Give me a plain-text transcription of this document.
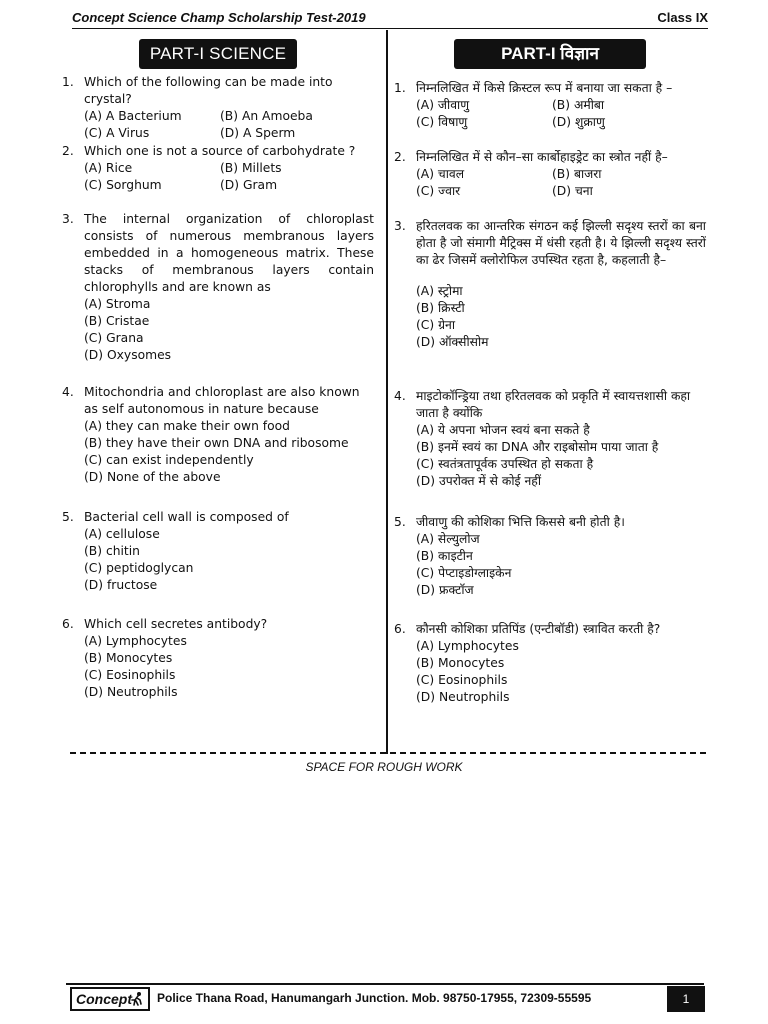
Concept Science Champ Scholarship Test-2019	Class IX
PART-I SCIENCE	PART-I विज्ञान
1. Which of the following can be made into crystal?
(A) A Bacterium	(B) An Amoeba
(C) A Virus	(D) A Sperm
2. Which one is not a source of carbohydrate ?
(A) Rice	(B) Millets
(C) Sorghum	(D) Gram
3. The internal organization of chloroplast consists of numerous membranous layers embedded in a homogeneous matrix. These stacks of membranous layers contain chlorophylls and are known as
(A) Stroma
(B) Cristae
(C) Grana
(D) Oxysomes
4. Mitochondria and chloroplast are also known as self autonomous in nature because
(A) they can make their own food
(B) they have their own DNA and ribosome
(C) can exist independently
(D) None of the above
5. Bacterial cell wall is composed of
(A) cellulose
(B) chitin
(C) peptidoglycan
(D) fructose
6. Which cell secretes antibody?
(A) Lymphocytes
(B) Monocytes
(C) Eosinophils
(D) Neutrophils
1. निम्नलिखित में किसे क्रिस्टल रूप में बनाया जा सकता है –
(A) जीवाणु	(B) अमीबा
(C) विषाणु	(D) शुक्राणु
2. निम्नलिखित में से कौन–सा कार्बोहाइड्रेट का स्त्रोत नहीं है–
(A) चावल	(B) बाजरा
(C) ज्वार	(D) चना
3. हरितलवक का आन्तरिक संगठन कई झिल्ली सदृश्य स्तरों का बना होता है जो संमागी मैट्रिक्स में धंसी रहती है। ये झिल्ली सदृश्य स्तरों का ढेर जिसमें क्लोरोफिल उपस्थित रहता है, कहलाती है–
(A) स्ट्रोमा
(B) क्रिस्टी
(C) ग्रेना
(D) ऑक्सीसोम
4. माइटोकॉन्ड्रिया तथा हरितलवक को प्रकृति में स्वायत्तशासी कहा जाता है क्योंकि
(A) ये अपना भोजन स्वयं बना सकते है
(B) इनमें स्वयं का DNA और राइबोसोम पाया जाता है
(C) स्वतंत्रतापूर्वक उपस्थित हो सकता है
(D) उपरोक्त में से कोई नहीं
5. जीवाणु की कोशिका भित्ति किससे बनी होती है।
(A) सेल्युलोज
(B) काइटीन
(C) पेप्टाइडोग्लाइकेन
(D) फ्रक्टॉज
6. कौनसी कोशिका प्रतिपिंड (एन्टीबॉडी) स्त्रावित करती है?
(A) Lymphocytes
(B) Monocytes
(C) Eosinophils
(D) Neutrophils
SPACE FOR ROUGH WORK
Concept	Police Thana Road, Hanumangarh Junction. Mob. 98750-17955, 72309-55595	1
